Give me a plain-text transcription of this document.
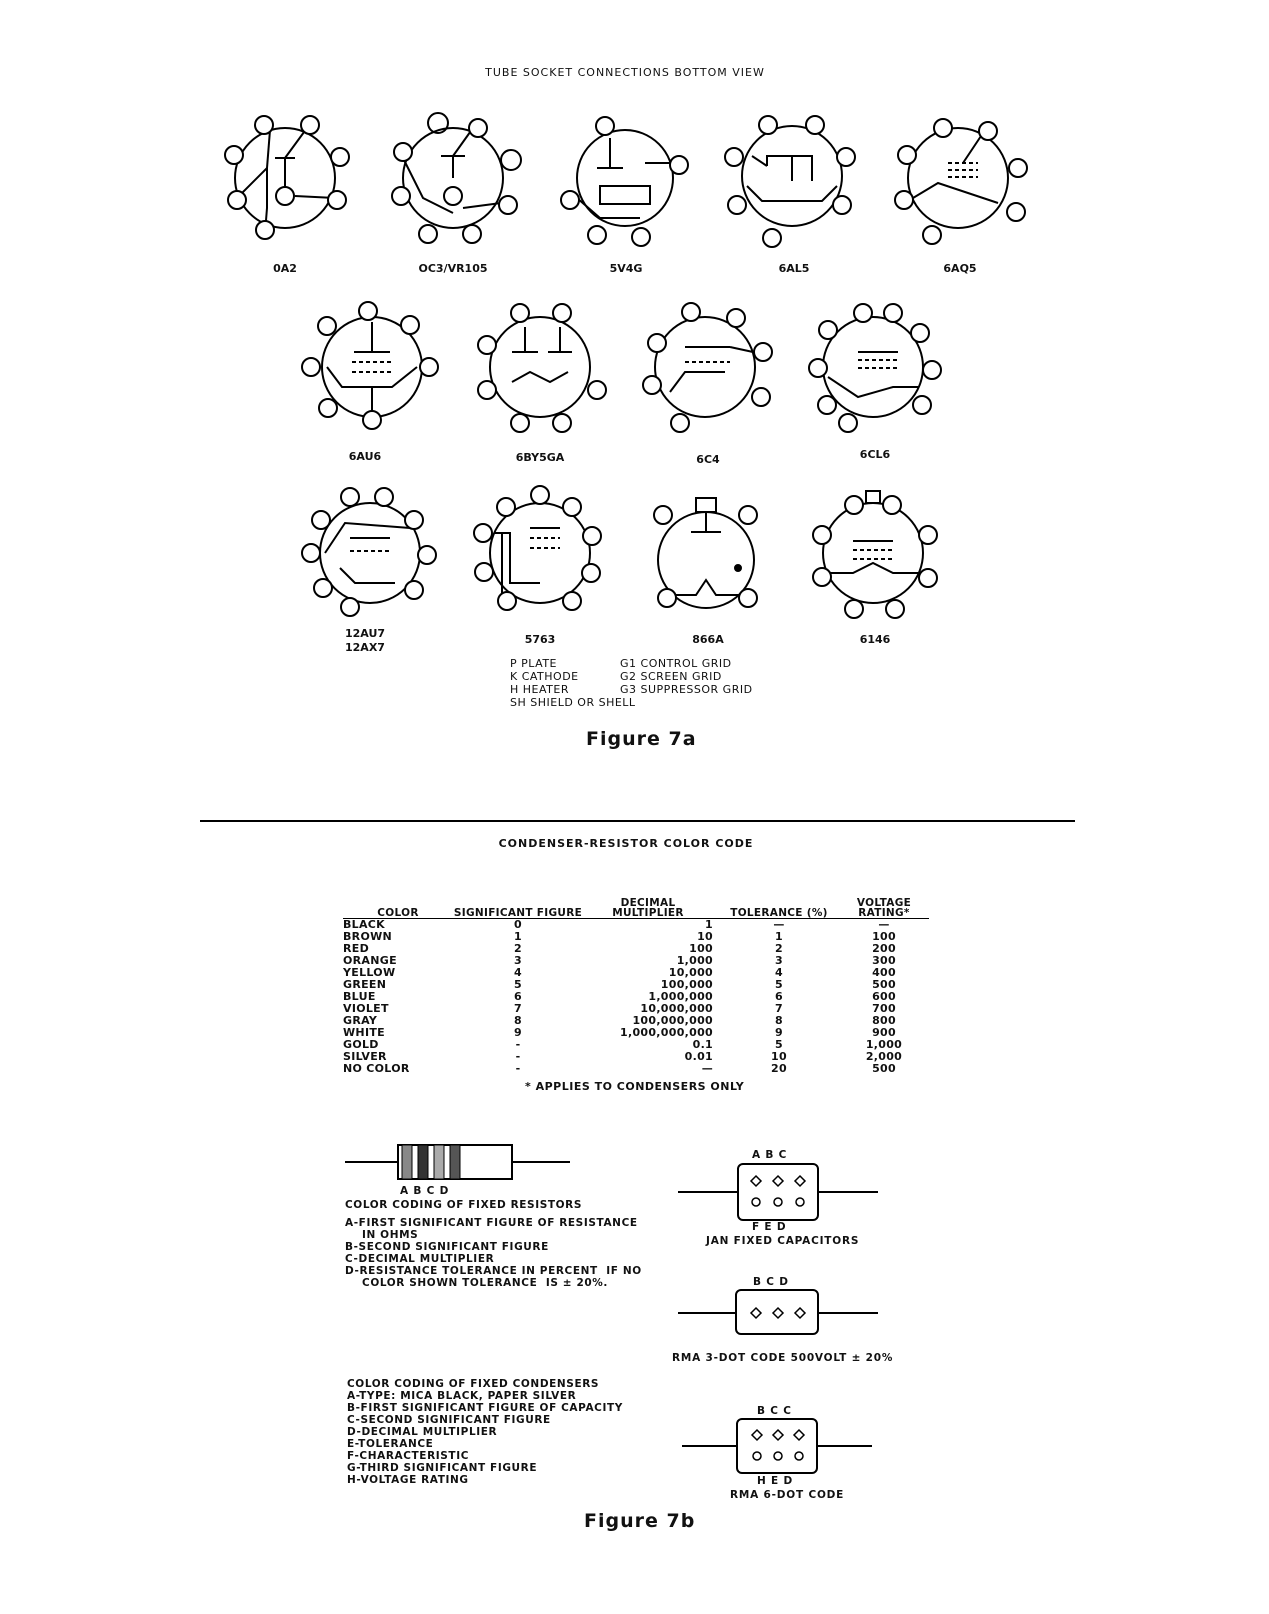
TUBE SOCKET CONNECTIONS BOTTOM VIEW
0A2	OC3/VR105	5V4G	6AL5	6AQ5
6AU6	6BY5GA	6C4	6CL6
12AU7
12AX7
5763	866A	6146
P PLATE
K CATHODE
H HEATER
SH SHIELD OR SHELL
G1 CONTROL GRID
G2 SCREEN GRID
G3 SUPPRESSOR GRID
Figure 7a
CONDENSER-RESISTOR COLOR CODE
COLOR	SIGNIFICANT FIGURE	DECIMAL MULTIPLIER	TOLERANCE (%)	VOLTAGE RATING*
BLACK	0	1	—	—
BROWN	1	10	1	100
RED	2	100	2	200
ORANGE	3	1,000	3	300
YELLOW	4	10,000	4	400
GREEN	5	100,000	5	500
BLUE	6	1,000,000	6	600
VIOLET	7	10,000,000	7	700
GRAY	8	100,000,000	8	800
WHITE	9	1,000,000,000	9	900
GOLD	-	0.1	5	1,000
SILVER	-	0.01	10	2,000
NO COLOR	-	—	20	500
* APPLIES TO CONDENSERS ONLY
A B C D
COLOR CODING OF FIXED RESISTORS
A-FIRST SIGNIFICANT FIGURE OF RESISTANCE
IN OHMS
B-SECOND SIGNIFICANT FIGURE
C-DECIMAL MULTIPLIER
D-RESISTANCE TOLERANCE IN PERCENT  IF NO
COLOR SHOWN TOLERANCE  IS ± 20%.
A B C
F E D
JAN FIXED CAPACITORS
B C D
RMA 3-DOT CODE 500VOLT ± 20%
B C C
H E D
RMA 6-DOT CODE
COLOR CODING OF FIXED CONDENSERS
A-TYPE: MICA BLACK, PAPER SILVER
B-FIRST SIGNIFICANT FIGURE OF CAPACITY
C-SECOND SIGNIFICANT FIGURE
D-DECIMAL MULTIPLIER
E-TOLERANCE
F-CHARACTERISTIC
G-THIRD SIGNIFICANT FIGURE
H-VOLTAGE RATING
Figure 7b
